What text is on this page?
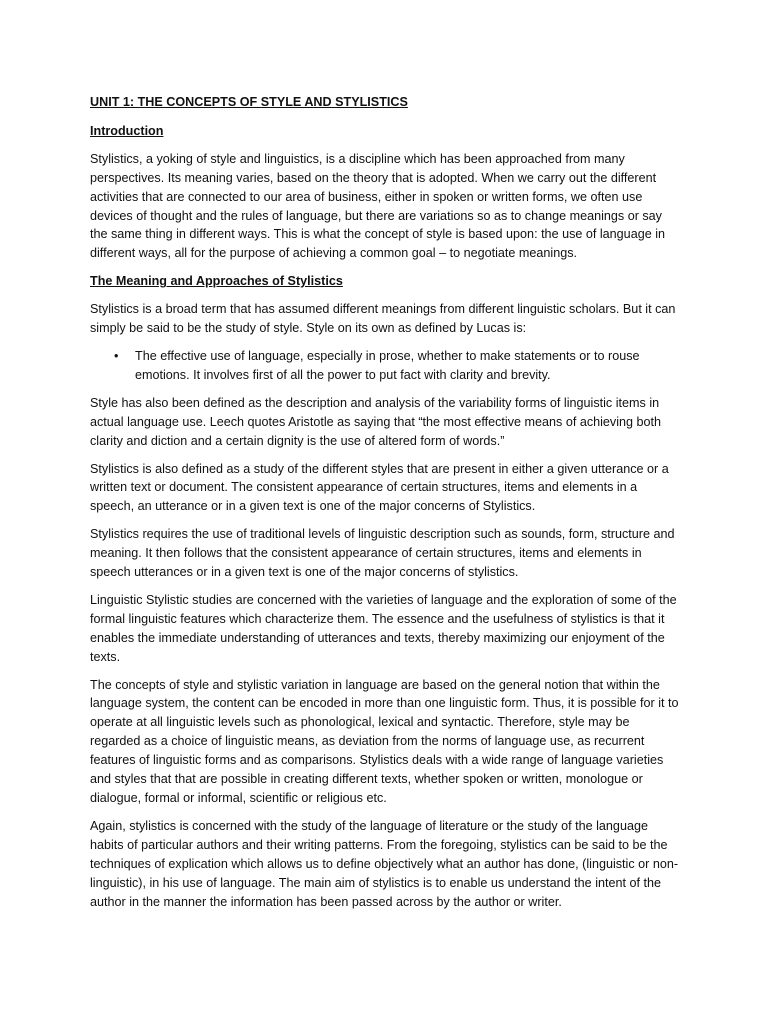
UNIT 1: THE CONCEPTS OF STYLE AND STYLISTICS
Introduction

Stylistics, a yoking of style and linguistics, is a discipline which has been approached from many perspectives. Its meaning varies, based on the theory that is adopted. When we carry out the different activities that are connected to our area of business, either in spoken or written forms, we often use devices of thought and the rules of language, but there are variations so as to change meanings or say the same thing in different ways. This is what the concept of style is based upon: the use of language in different ways, all for the purpose of achieving a common goal – to negotiate meanings.

The Meaning and Approaches of Stylistics

Stylistics is a broad term that has assumed different meanings from different linguistic scholars. But it can simply be said to be the study of style. Style on its own as defined by Lucas is:

• The effective use of language, especially in prose, whether to make statements or to rouse emotions. It involves first of all the power to put fact with clarity and brevity.

Style has also been defined as the description and analysis of the variability forms of linguistic items in actual language use. Leech quotes Aristotle as saying that “the most effective means of achieving both clarity and diction and a certain dignity is the use of altered form of words.”

Stylistics is also defined as a study of the different styles that are present in either a given utterance or a written text or document. The consistent appearance of certain structures, items and elements in a speech, an utterance or in a given text is one of the major concerns of Stylistics.

Stylistics requires the use of traditional levels of linguistic description such as sounds, form, structure and meaning. It then follows that the consistent appearance of certain structures, items and elements in speech utterances or in a given text is one of the major concerns of stylistics.

Linguistic Stylistic studies are concerned with the varieties of language and the exploration of some of the formal linguistic features which characterize them. The essence and the usefulness of stylistics is that it enables the immediate understanding of utterances and texts, thereby maximizing our enjoyment of the texts.

The concepts of style and stylistic variation in language are based on the general notion that within the language system, the content can be encoded in more than one linguistic form. Thus, it is possible for it to operate at all linguistic levels such as phonological, lexical and syntactic. Therefore, style may be regarded as a choice of linguistic means, as deviation from the norms of language use, as recurrent features of linguistic forms and as comparisons. Stylistics deals with a wide range of language varieties and styles that that are possible in creating different texts, whether spoken or written, monologue or dialogue, formal or informal, scientific or religious etc.

Again, stylistics is concerned with the study of the language of literature or the study of the language habits of particular authors and their writing patterns. From the foregoing, stylistics can be said to be the techniques of explication which allows us to define objectively what an author has done, (linguistic or non-linguistic), in his use of language. The main aim of stylistics is to enable us understand the intent of the author in the manner the information has been passed across by the author or writer.
